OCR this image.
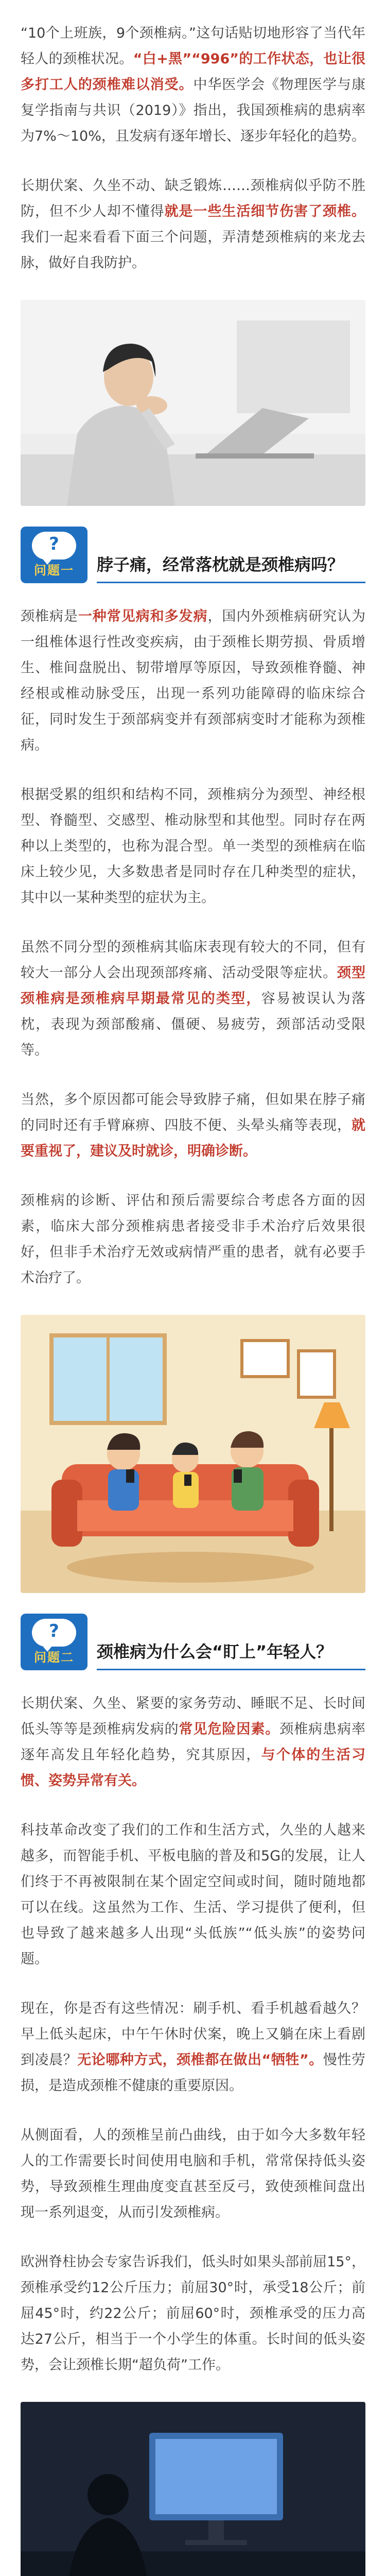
“10个上班族，9个颈椎病。”这句话贴切地形容了当代年轻人的颈椎状况。“白+黑”“996”的工作状态，也让很多打工人的颈椎难以消受。中华医学会《物理医学与康复学指南与共识（2019）》指出，我国颈椎病的患病率为7%～10%，且发病有逐年增长、逐步年轻化的趋势。

长期伏案、久坐不动、缺乏锻炼……颈椎病似乎防不胜防，但不少人却不懂得就是一些生活细节伤害了颈椎。我们一起来看看下面三个问题，弄清楚颈椎病的来龙去脉，做好自我防护。

?
问题一 脖子痛，经常落枕就是颈椎病吗？

颈椎病是一种常见病和多发病，国内外颈椎病研究认为一组椎体退行性改变疾病，由于颈椎长期劳损、骨质增生、椎间盘脱出、韧带增厚等原因，导致颈椎脊髓、神经根或椎动脉受压，出现一系列功能障碍的临床综合征，同时发生于颈部病变并有颈部病变时才能称为颈椎病。

根据受累的组织和结构不同，颈椎病分为颈型、神经根型、脊髓型、交感型、椎动脉型和其他型。同时存在两种以上类型的，也称为混合型。单一类型的颈椎病在临床上较少见，大多数患者是同时存在几种类型的症状，其中以一某种类型的症状为主。

虽然不同分型的颈椎病其临床表现有较大的不同，但有较大一部分人会出现颈部疼痛、活动受限等症状。颈型颈椎病是颈椎病早期最常见的类型，容易被误认为落枕，表现为颈部酸痛、僵硬、易疲劳，颈部活动受限等。

当然，多个原因都可能会导致脖子痛，但如果在脖子痛的同时还有手臂麻痹、四肢不便、头晕头痛等表现，就要重视了，建议及时就诊，明确诊断。

颈椎病的诊断、评估和预后需要综合考虑各方面的因素，临床大部分颈椎病患者接受非手术治疗后效果很好，但非手术治疗无效或病情严重的患者，就有必要手术治疗了。

?
问题二 颈椎病为什么会“盯上”年轻人？

长期伏案、久坐、紧要的家务劳动、睡眠不足、长时间低头等等是颈椎病发病的常见危险因素。颈椎病患病率逐年高发且年轻化趋势，究其原因，与个体的生活习惯、姿势异常有关。

科技革命改变了我们的工作和生活方式，久坐的人越来越多，而智能手机、平板电脑的普及和5G的发展，让人们终于不再被限制在某个固定空间或时间，随时随地都可以在线。这虽然为工作、生活、学习提供了便利，但也导致了越来越多人出现“头低族”“低头族”的姿势问题。

现在，你是否有这些情况：刷手机、看手机越看越久？早上低头起床，中午午休时伏案，晚上又躺在床上看剧到凌晨？无论哪种方式，颈椎都在做出“牺牲”。慢性劳损，是造成颈椎不健康的重要原因。

从侧面看，人的颈椎呈前凸曲线，由于如今大多数年轻人的工作需要长时间使用电脑和手机，常常保持低头姿势，导致颈椎生理曲度变直甚至反弓，致使颈椎间盘出现一系列退变，从而引发颈椎病。

欧洲脊柱协会专家告诉我们，低头时如果头部前屈15°，颈椎承受约12公斤压力；前屈30°时，承受18公斤；前屈45°时，约22公斤；前屈60°时，颈椎承受的压力高达27公斤，相当于一个小学生的体重。长时间的低头姿势，会让颈椎长期“超负荷”工作。
